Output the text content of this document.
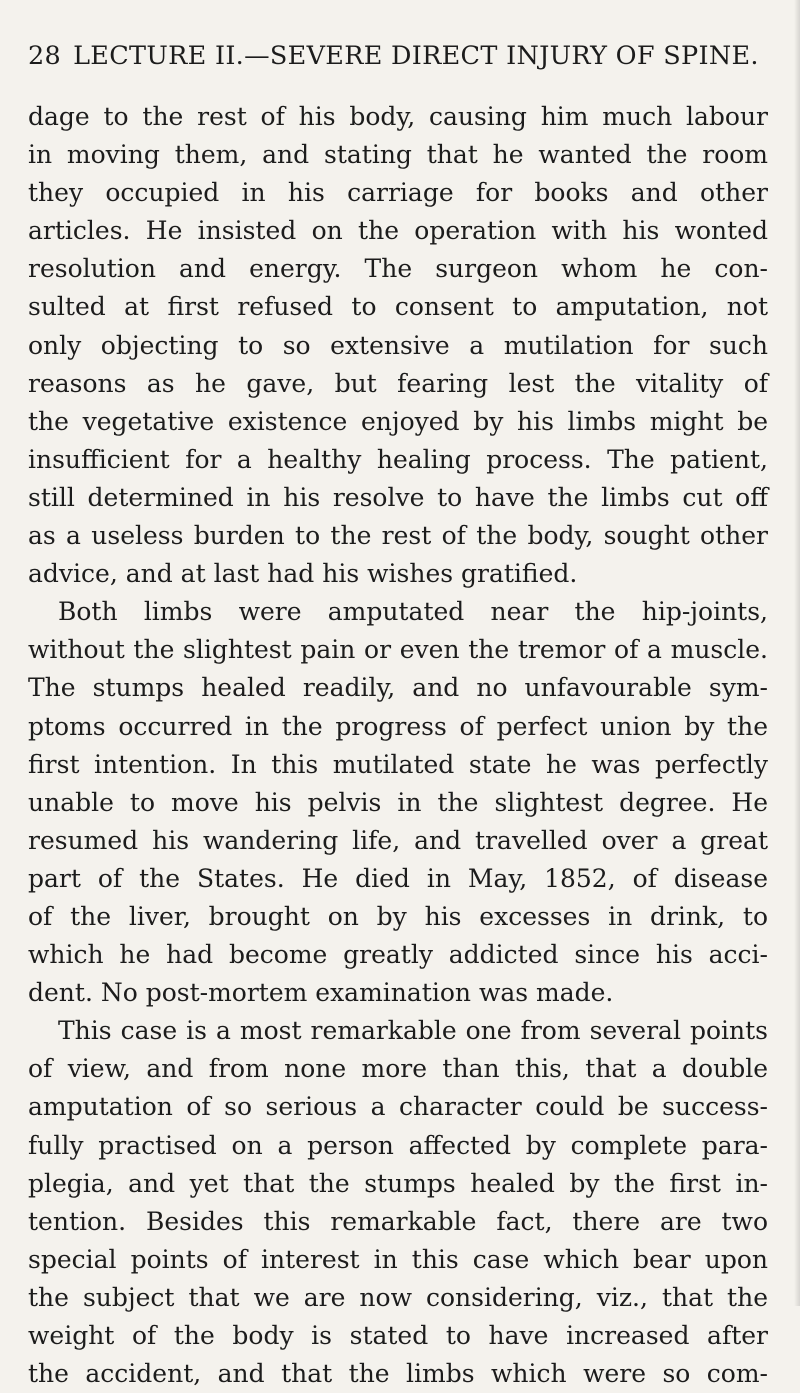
28 LECTURE II.—SEVERE DIRECT INJURY OF SPINE.
dage to the rest of his body, causing him much labour
in moving them, and stating that he wanted the room
they occupied in his carriage for books and other
articles. He insisted on the operation with his wonted
resolution and energy. The surgeon whom he con-
sulted at first refused to consent to amputation, not
only objecting to so extensive a mutilation for such
reasons as he gave, but fearing lest the vitality of
the vegetative existence enjoyed by his limbs might be
insufficient for a healthy healing process. The patient,
still determined in his resolve to have the limbs cut off
as a useless burden to the rest of the body, sought other
advice, and at last had his wishes gratified.
Both limbs were amputated near the hip-joints,
without the slightest pain or even the tremor of a muscle.
The stumps healed readily, and no unfavourable sym-
ptoms occurred in the progress of perfect union by the
first intention. In this mutilated state he was perfectly
unable to move his pelvis in the slightest degree. He
resumed his wandering life, and travelled over a great
part of the States. He died in May, 1852, of disease
of the liver, brought on by his excesses in drink, to
which he had become greatly addicted since his acci-
dent. No post-mortem examination was made.
This case is a most remarkable one from several points
of view, and from none more than this, that a double
amputation of so serious a character could be success-
fully practised on a person affected by complete para-
plegia, and yet that the stumps healed by the first in-
tention. Besides this remarkable fact, there are two
special points of interest in this case which bear upon
the subject that we are now considering, viz., that the
weight of the body is stated to have increased after
the accident, and that the limbs which were so com-
